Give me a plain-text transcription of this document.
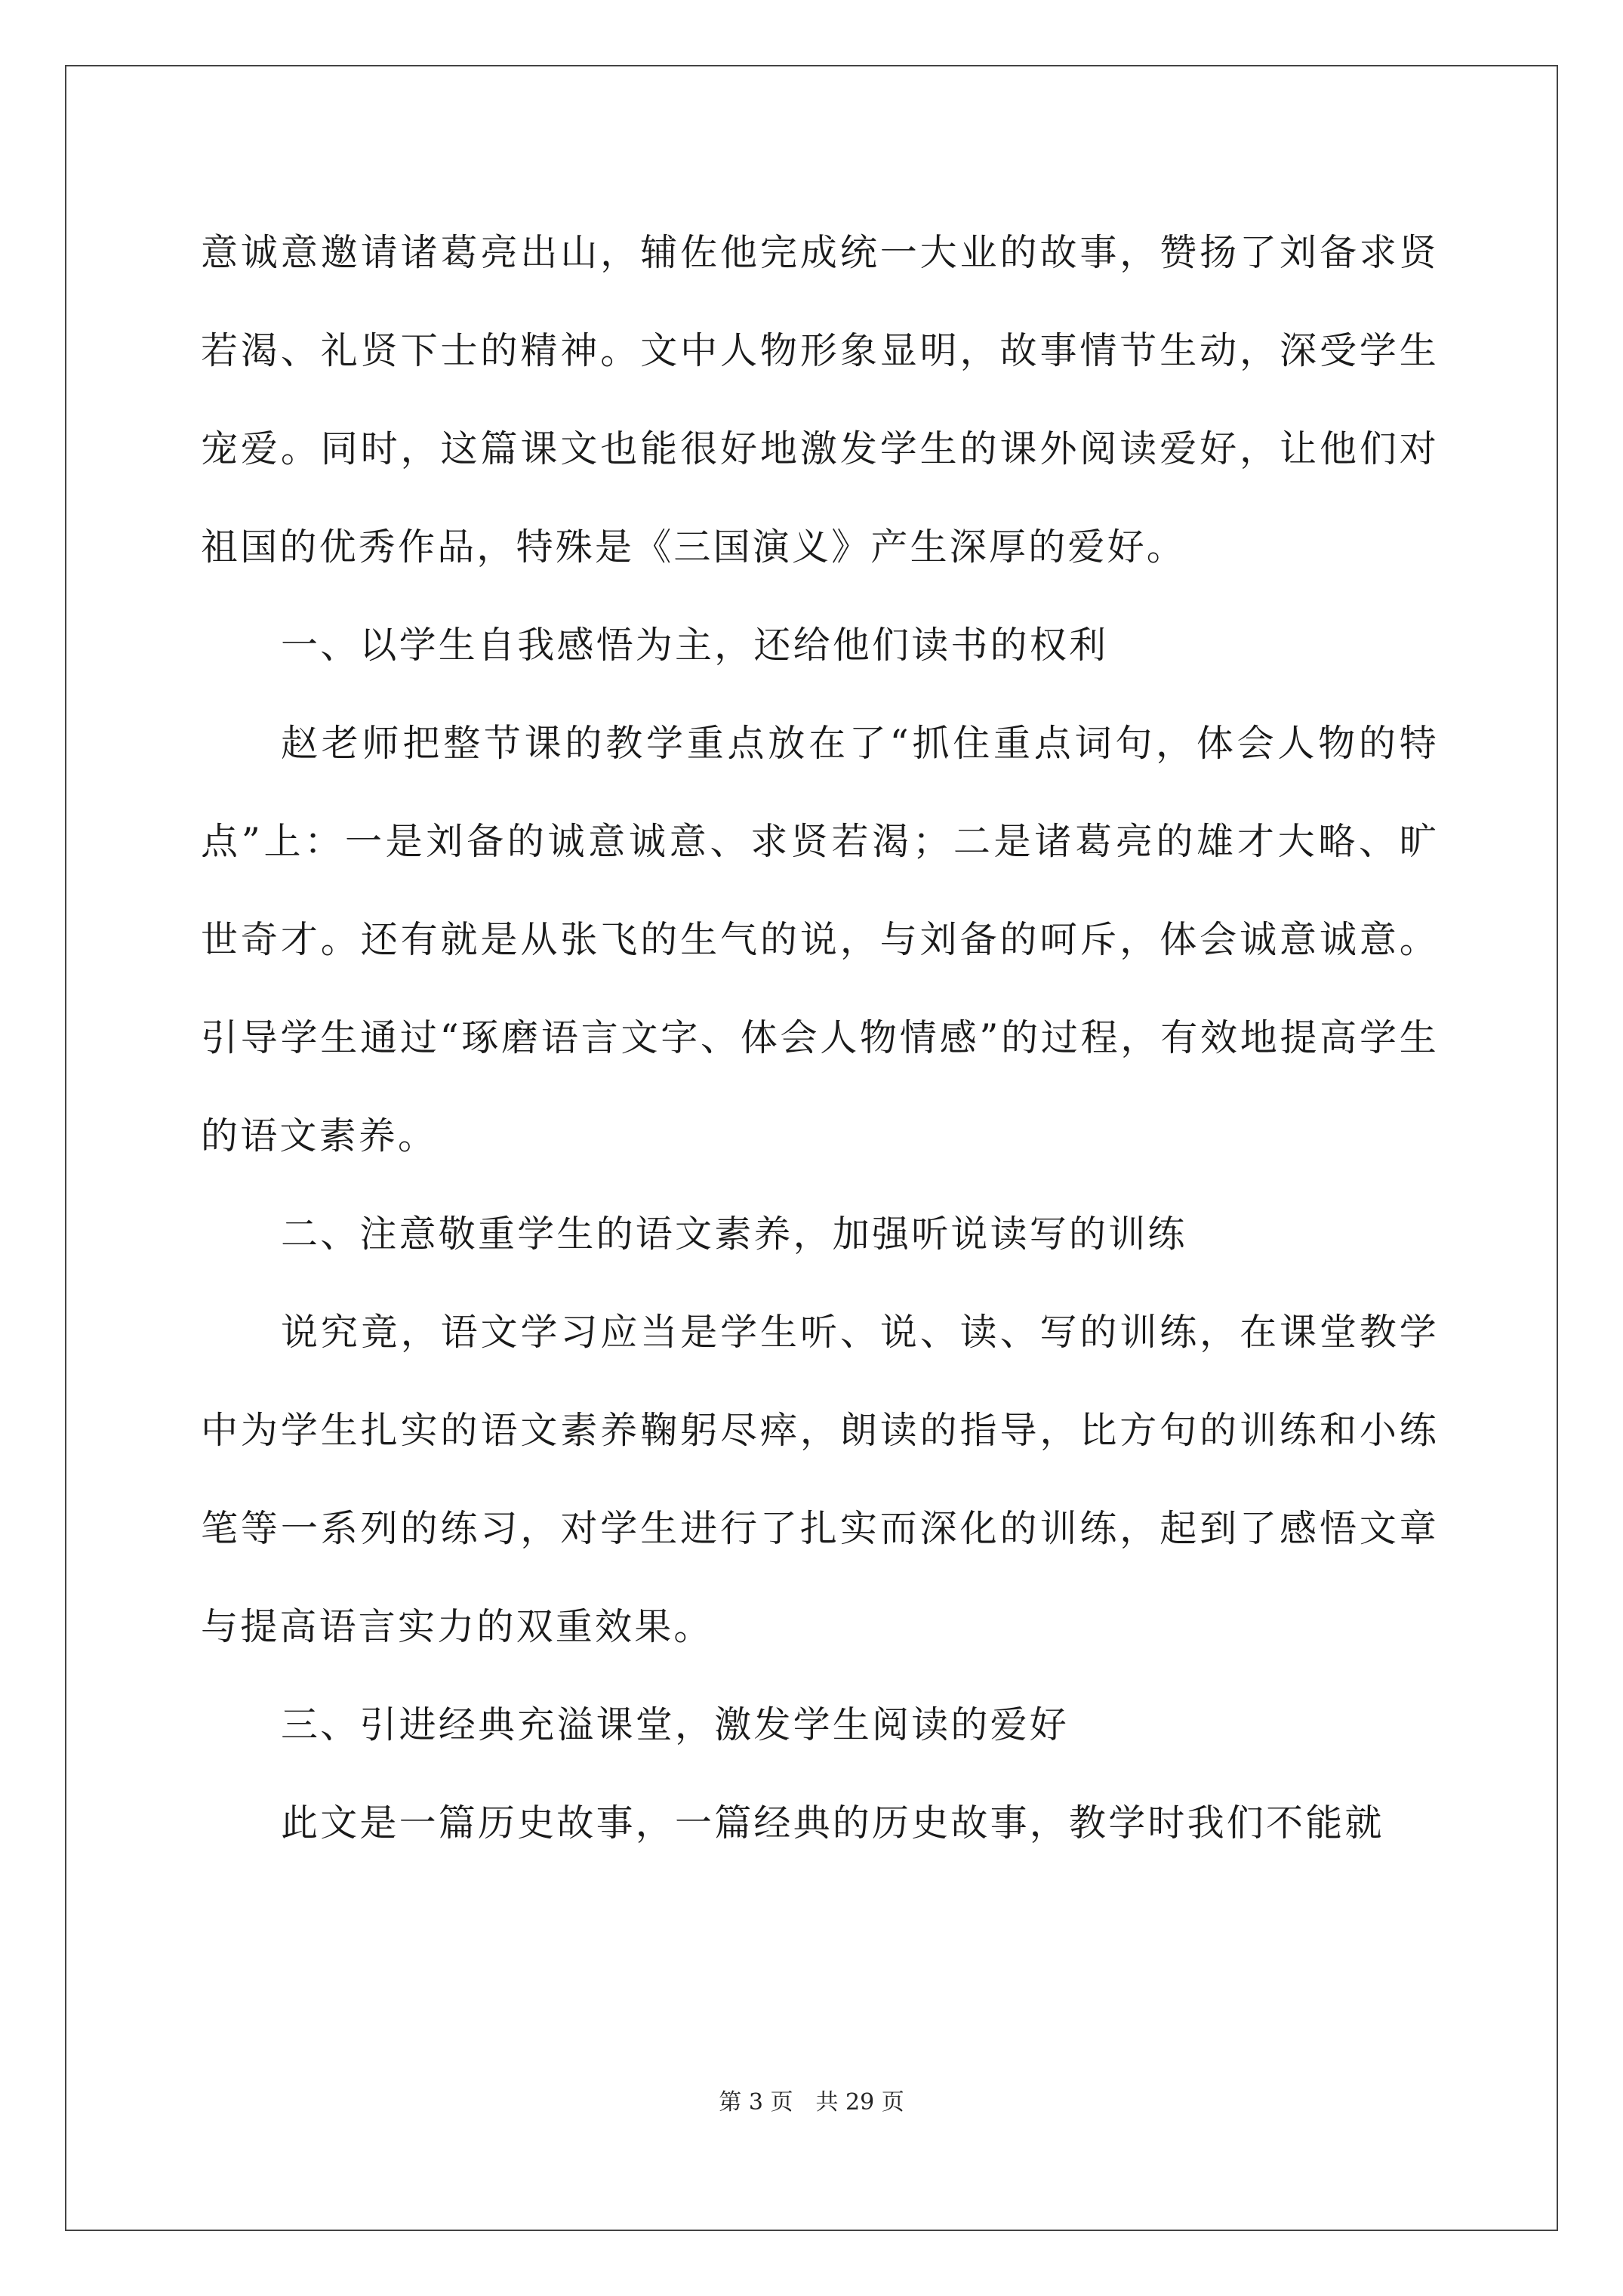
意诚意邀请诸葛亮出山，辅佐他完成统一大业的故事，赞扬了刘备求贤若渴、礼贤下士的精神。文中人物形象显明，故事情节生动，深受学生宠爱。同时，这篇课文也能很好地激发学生的课外阅读爱好，让他们对祖国的优秀作品，特殊是《三国演义》产生深厚的爱好。

一、以学生自我感悟为主，还给他们读书的权利

赵老师把整节课的教学重点放在了“抓住重点词句，体会人物的特点”上：一是刘备的诚意诚意、求贤若渴；二是诸葛亮的雄才大略、旷世奇才。还有就是从张飞的生气的说，与刘备的呵斥，体会诚意诚意。引导学生通过“琢磨语言文字、体会人物情感”的过程，有效地提高学生的语文素养。

二、注意敬重学生的语文素养，加强听说读写的训练

说究竟，语文学习应当是学生听、说、读、写的训练，在课堂教学中为学生扎实的语文素养鞠躬尽瘁，朗读的指导，比方句的训练和小练笔等一系列的练习，对学生进行了扎实而深化的训练，起到了感悟文章与提高语言实力的双重效果。

三、引进经典充溢课堂，激发学生阅读的爱好

此文是一篇历史故事，一篇经典的历史故事，教学时我们不能就

第 3 页　共 29 页
